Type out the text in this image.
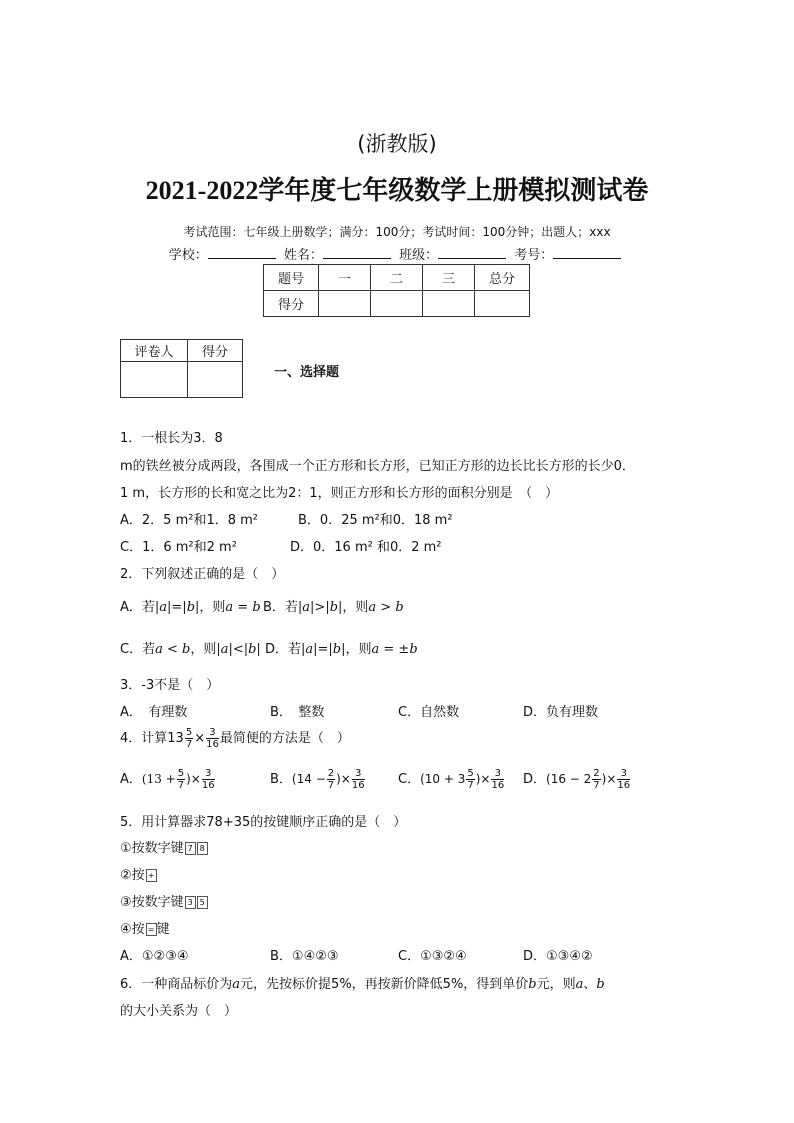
(浙教版)
2021-2022学年度七年级数学上册模拟测试卷
考试范围：七年级上册数学；满分：100分；考试时间：100分钟；出题人；xxx
学校：	姓名：	班级：	考号：
题号	一	二	三	总分
得分				
评卷人	得分

一、选择题
1．一根长为3．8
m的铁丝被分成两段，各围成一个正方形和长方形，已知正方形的边长比长方形的长少0．
1 m，长方形的长和宽之比为2：1，则正方形和长方形的面积分别是　（　）
A．2．5 m²和1．8 m²	B．0．25 m²和0．18 m²
C．1．6 m²和2 m²	D．0．16 m² 和0．2 m²
2．下列叙述正确的是（　）
A．若|a|=|b|，则a = b B．若|a|>|b|，则a > b
C．若a < b，则|a|<|b| D．若|a|=|b|，则a = ±b
3．-3不是（　）
A．　有理数	B．　整数	C．自然数	D．负有理数
4．计算$13 \frac{5}{7} \times \frac{3}{16}$ 最简便的方法是（　）
A．($13 + \frac{5}{7}$ )× $\frac{3}{16}$	B．($14 - \frac{2}{7}$ )× $\frac{3}{16}$	C．($10 + 3 \frac{5}{7}$ )× $\frac{3}{16}$ D．($16 - 2 \frac{2}{7}$ )× $\frac{3}{16}$
5．用计算器求78+35的按键顺序正确的是（　）
①按数字键 7 8
②按 +
③按数字键 3 5
④按 = 键
A．①②③④	B．①④②③	C．①③②④	D．①③④②
6．一种商品标价为a元，先按标价提5%，再按新价降低5%，得到单价b元，则a、b
的大小关系为（　）
